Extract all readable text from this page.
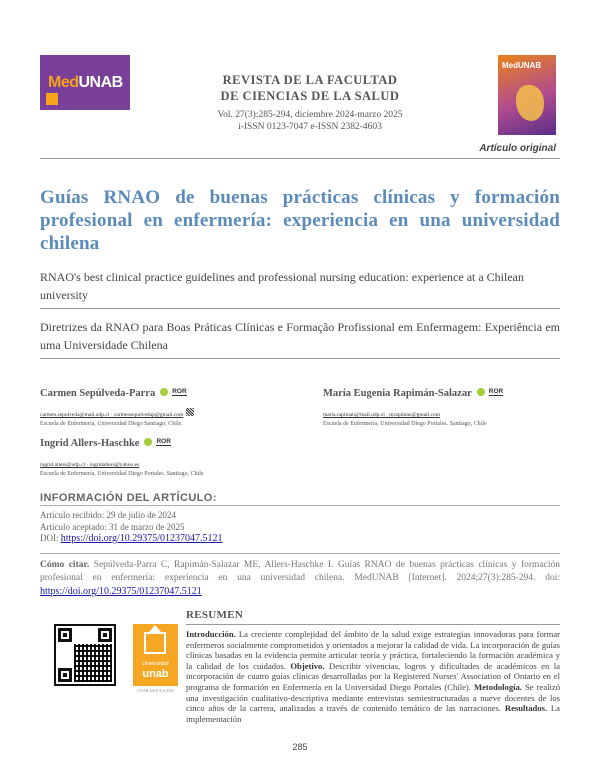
MedUNAB	REVISTA DE LA FACULTAD
DE CIENCIAS DE LA SALUD
Vol. 27(3):285-294, diciembre 2024-marzo 2025
i-ISSN 0123-7047 e-ISSN 2382-4603
MedUNAB
Artículo original
Guías RNAO de buenas prácticas clínicas y formación profesional en enfermería: experiencia en una universidad chilena
RNAO's best clinical practice guidelines and professional nursing education: experience at a Chilean university
Diretrizes da RNAO para Boas Práticas Clínicas e Formação Profissional em Enfermagem: Experiência em uma Universidade Chilena
Carmen Sepúlveda-Parra	ROR
carmen.sepulveda@mail.udp.cl · carmensepulvedap@gmail.com
Escuela de Enfermería, Universidad Diego Santiago, Chile.
María Eugenia Rapimán-Salazar	ROR
maria.rapiman@mail.udp.cl · mrapiman@gmail.com
Escuela de Enfermería, Universidad Diego Portales. Santiago, Chile
Ingrid Allers-Haschke	ROR
ingrid.allers@udp.cl · ingridallers@yahoo.es
Escuela de Enfermería, Universidad Diego Portales. Santiago, Chile
INFORMACIÓN DEL ARTÍCULO:
Artículo recibido: 29 de julio de 2024
Artículo aceptado: 31 de marzo de 2025
DOI: https://doi.org/10.29375/01237047.5121
Cómo citar. Sepúlveda-Parra C, Rapimán-Salazar ME, Allers-Haschke I. Guías RNAO de buenas prácticas clínicas y formación profesional en enfermería: experiencia en una universidad chilena. MedUNAB [Internet]. 2024;27(3):285-294. doi: https://doi.org/10.29375/01237047.5121
Universidad
unab
UNAB ASOCIACIÓN
RESUMEN
Introducción. La creciente complejidad del ámbito de la salud exige estrategias innovadoras para formar enfermeros socialmente comprometidos y orientados a mejorar la calidad de vida. La incorporación de guías clínicas basadas en la evidencia permite articular teoría y práctica, fortaleciendo la formación académica y la calidad de los cuidados. Objetivo. Describir vivencias, logros y dificultades de académicos en la incorporación de cuatro guías clínicas desarrolladas por la Registered Nurses' Association of Ontario en el programa de formación en Enfermería en la Universidad Diego Portales (Chile). Metodología. Se realizó una investigación cualitativo-descriptiva mediante entrevistas semiestructuradas a nueve docentes de los cinco años de la carrera, analizadas a través de contenido temático de las narraciones. Resultados. La implementación
285
